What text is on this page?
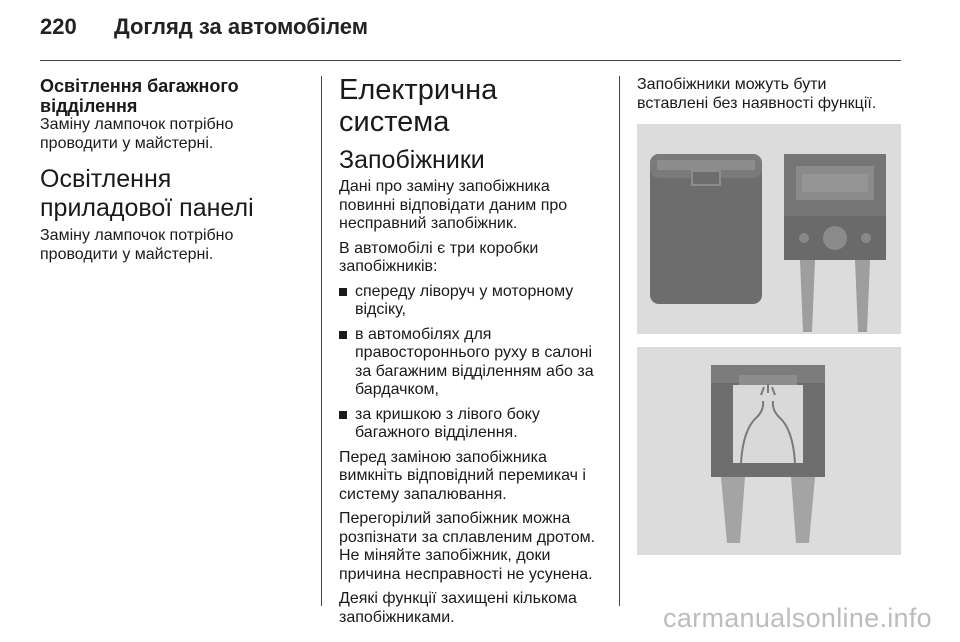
220 Догляд за автомобілем

Освітлення багажного відділення

Заміну лампочок потрібно проводити у майстерні.

Освітлення приладової панелі

Заміну лампочок потрібно проводити у майстерні.

Електрична система

Запобіжники

Дані про заміну запобіжника повинні відповідати даним про несправний запобіжник.

В автомобілі є три коробки запобіжників:

спереду ліворуч у моторному відсіку,

в автомобілях для правостороннього руху в салоні за багажним відділенням або за бардачком,

за кришкою з лівого боку багажного відділення.

Перед заміною запобіжника вимкніть відповідний перемикач і систему запалювання.

Перегорілий запобіжник можна розпізнати за сплавленим дротом. Не міняйте запобіжник, доки причина несправності не усунена.

Деякі функції захищені кількома запобіжниками.

Запобіжники можуть бути вставлені без наявності функції.

carmanualsonline.info
